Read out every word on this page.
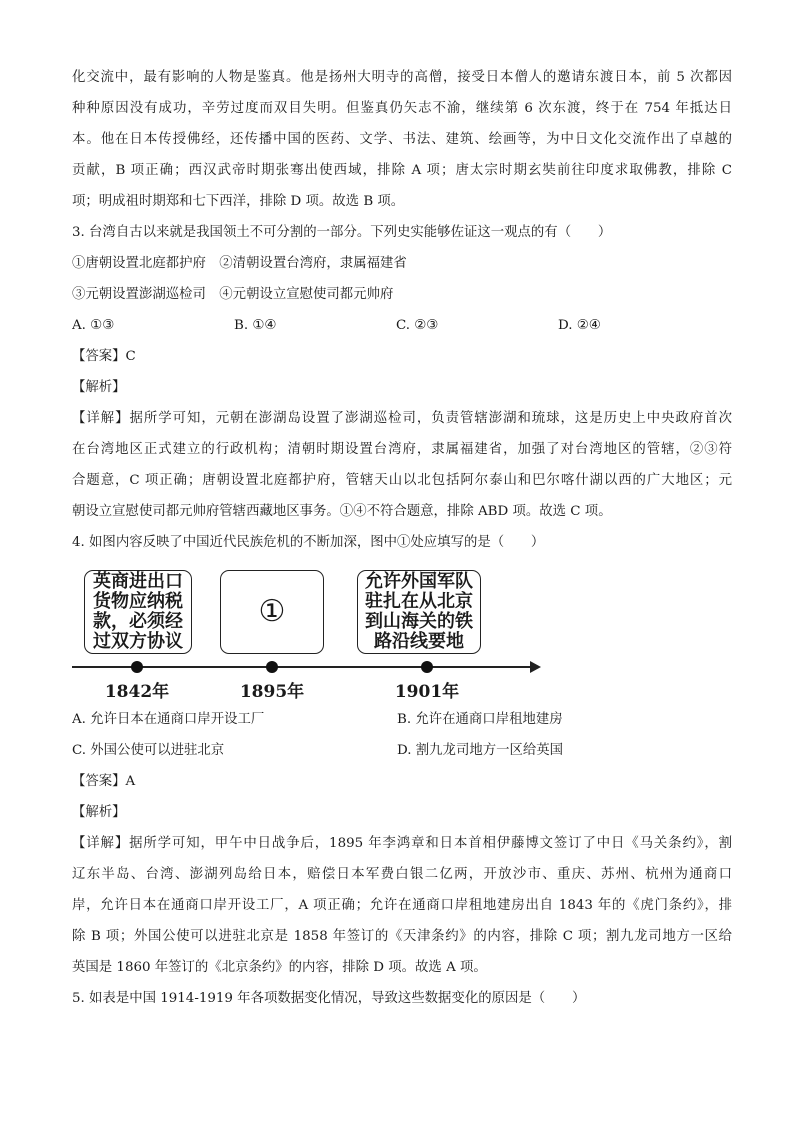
化交流中，最有影响的人物是鉴真。他是扬州大明寺的高僧，接受日本僧人的邀请东渡日本，前 5 次都因
种种原因没有成功，辛劳过度而双目失明。但鉴真仍矢志不渝，继续第 6 次东渡，终于在 754 年抵达日
本。他在日本传授佛经，还传播中国的医药、文学、书法、建筑、绘画等，为中日文化交流作出了卓越的
贡献，B 项正确；西汉武帝时期张骞出使西域，排除 A 项；唐太宗时期玄奘前往印度求取佛教，排除 C
项；明成祖时期郑和七下西洋，排除 D 项。故选 B 项。
3. 台湾自古以来就是我国领土不可分割的一部分。下列史实能够佐证这一观点的有（　　）
①唐朝设置北庭都护府　②清朝设置台湾府，隶属福建省
③元朝设置澎湖巡检司　④元朝设立宣慰使司都元帅府
A. ①③	B. ①④	C. ②③	D. ②④
【答案】C
【解析】
【详解】据所学可知，元朝在澎湖岛设置了澎湖巡检司，负责管辖澎湖和琉球，这是历史上中央政府首次
在台湾地区正式建立的行政机构；清朝时期设置台湾府，隶属福建省，加强了对台湾地区的管辖，②③符
合题意，C 项正确；唐朝设置北庭都护府，管辖天山以北包括阿尔泰山和巴尔喀什湖以西的广大地区；元
朝设立宣慰使司都元帅府管辖西藏地区事务。①④不符合题意，排除 ABD 项。故选 C 项。
4. 如图内容反映了中国近代民族危机的不断加深，图中①处应填写的是（　　）
英商进出口
货物应纳税
款，必须经
过双方协议
①
允许外国军队
驻扎在从北京
到山海关的铁
路沿线要地
1842年	1895年	1901年
A. 允许日本在通商口岸开设工厂	B. 允许在通商口岸租地建房
C. 外国公使可以进驻北京	D. 割九龙司地方一区给英国
【答案】A
【解析】
【详解】据所学可知，甲午中日战争后，1895 年李鸿章和日本首相伊藤博文签订了中日《马关条约》，割
辽东半岛、台湾、澎湖列岛给日本，赔偿日本军费白银二亿两，开放沙市、重庆、苏州、杭州为通商口
岸，允许日本在通商口岸开设工厂，A 项正确；允许在通商口岸租地建房出自 1843 年的《虎门条约》，排
除 B 项；外国公使可以进驻北京是 1858 年签订的《天津条约》的内容，排除 C 项；割九龙司地方一区给
英国是 1860 年签订的《北京条约》的内容，排除 D 项。故选 A 项。
5. 如表是中国 1914-1919 年各项数据变化情况，导致这些数据变化的原因是（　　）
